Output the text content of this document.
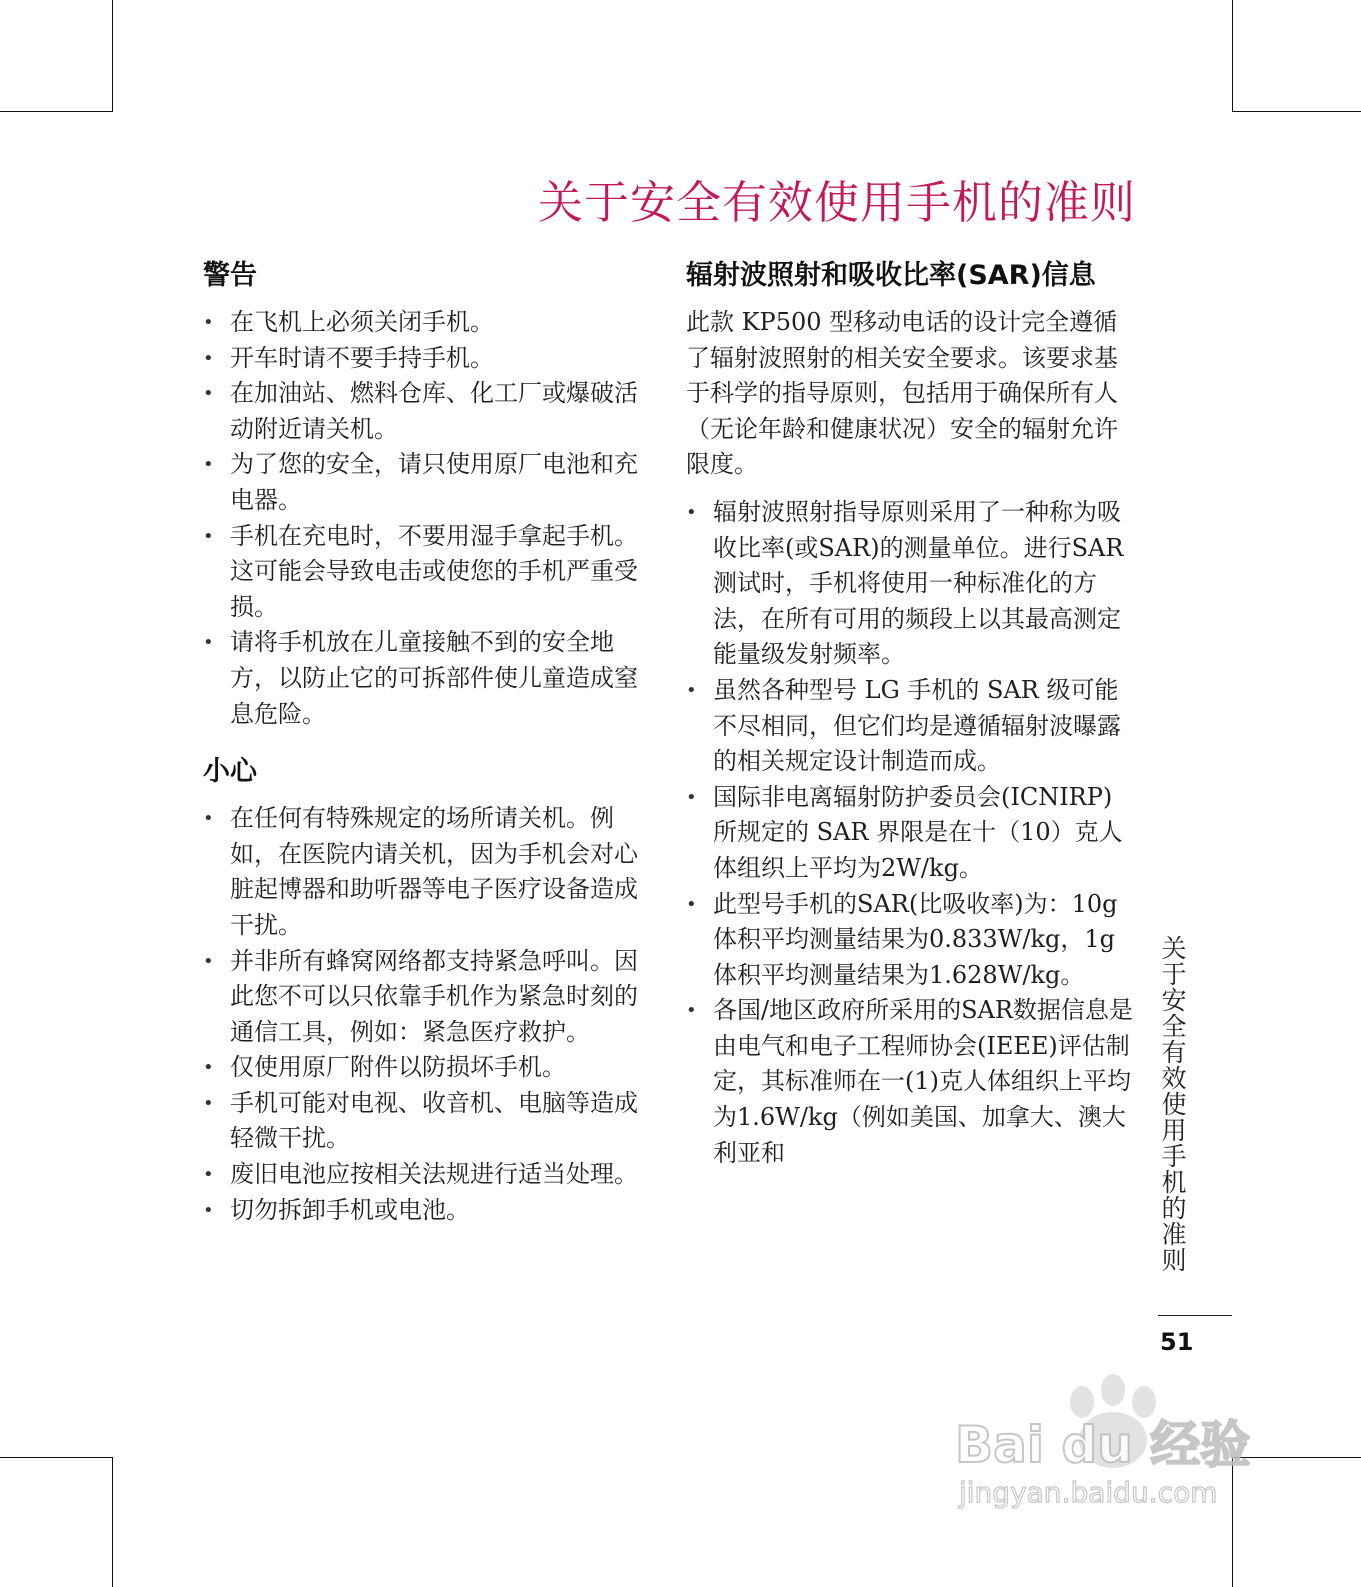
关于安全有效使用手机的准则
警告
• 在飞机上必须关闭手机。
• 开车时请不要手持手机。
• 在加油站、燃料仓库、化工厂或爆破活动附近请关机。
• 为了您的安全，请只使用原厂电池和充电器。
• 手机在充电时，不要用湿手拿起手机。这可能会导致电击或使您的手机严重受损。
• 请将手机放在儿童接触不到的安全地方，以防止它的可拆部件使儿童造成窒息危险。
小心
• 在任何有特殊规定的场所请关机。例如，在医院内请关机，因为手机会对心脏起博器和助听器等电子医疗设备造成干扰。
• 并非所有蜂窝网络都支持紧急呼叫。因此您不可以只依靠手机作为紧急时刻的通信工具，例如：紧急医疗救护。
• 仅使用原厂附件以防损坏手机。
• 手机可能对电视、收音机、电脑等造成轻微干扰。
• 废旧电池应按相关法规进行适当处理。
• 切勿拆卸手机或电池。
辐射波照射和吸收比率(SAR)信息

此款 KP500 型移动电话的设计完全遵循了辐射波照射的相关安全要求。该要求基于科学的指导原则，包括用于确保所有人（无论年龄和健康状况）安全的辐射允许限度。

• 辐射波照射指导原则采用了一种称为吸收比率(或SAR)的测量单位。进行SAR测试时，手机将使用一种标准化的方法，在所有可用的频段上以其最高测定能量级发射频率。
• 虽然各种型号 LG 手机的 SAR 级可能不尽相同，但它们均是遵循辐射波曝露的相关规定设计制造而成。
• 国际非电离辐射防护委员会(ICNIRP)所规定的 SAR 界限是在十（10）克人体组织上平均为2W/kg。
• 此型号手机的SAR(比吸收率)为：10g体积平均测量结果为0.833W/kg，1g体积平均测量结果为1.628W/kg。
• 各国/地区政府所采用的SAR数据信息是由电气和电子工程师协会(IEEE)评估制定，其标准师在一(1)克人体组织上平均为1.6W/kg（例如美国、加拿大、澳大利亚和	关于安全有效使用手机的准则
51
Bai du 经验
jingyan.baidu.com
